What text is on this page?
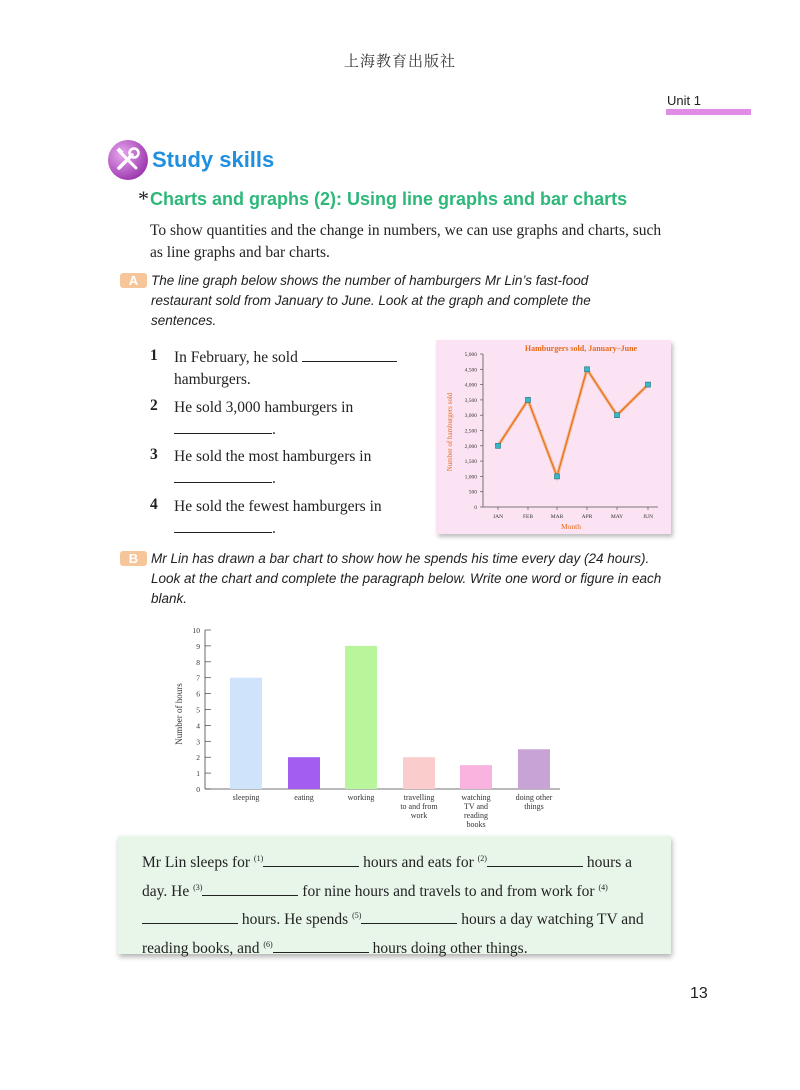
上海教育出版社
Unit 1
Study skills
* Charts and graphs (2): Using line graphs and bar charts
To show quantities and the change in numbers, we can use graphs and charts, such as line graphs and bar charts.
A The line graph below shows the number of hamburgers Mr Lin’s fast-food restaurant sold from January to June. Look at the graph and complete the sentences.
1 In February, he sold
hamburgers.
2 He sold 3,000 hamburgers in
.
3 He sold the most hamburgers in
.
4 He sold the fewest hamburgers in
.
Hamburgers sold, January–June
0
500
1,000
1,500
2,000
2,500
3,000
3,500
4,000
4,500
5,000
JAN	FEB	MAR	APR	MAY	JUN
Month
Number of hamburgers sold
B Mr Lin has drawn a bar chart to show how he spends his time every day (24 hours). Look at the chart and complete the paragraph below. Write one word or figure in each blank.
0
1
2
3
4
5
6
7
8
9
10
Number of hours
sleeping	eating	working	travelling to and from work
watching TV and reading books
doing other things
Mr Lin sleeps for $^{(1)}$	hours and eats for $^{(2)}$	hours a day. He $^{(3)}$	for nine hours and travels to and from work for $^{(4)}$ hours. He spends $^{(5)}$	hours a day watching TV and reading books, and $^{(6)}$	hours doing other things.
13
